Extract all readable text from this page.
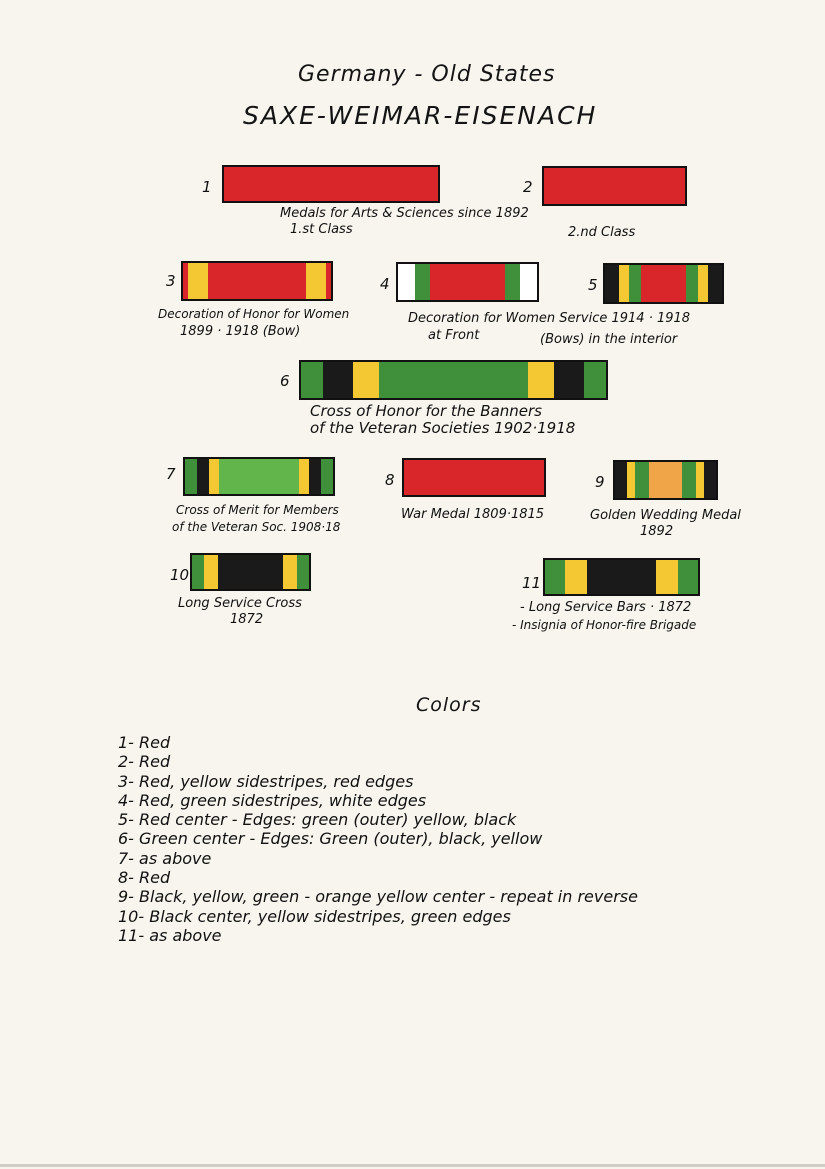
Germany - Old States
SAXE-WEIMAR-EISENACH
1	2
Medals for Arts & Sciences since 1892
1.st Class	2.nd Class
3
Decoration of Honor for Women
1899 · 1918 (Bow)
4
Decoration for Women Service 1914 · 1918
at Front	(Bows) in the interior
5
6
Cross of Honor for the Banners
of the Veteran Societies 1902·1918
7
Cross of Merit for Members
of the Veteran Soc. 1908·18
8
War Medal 1809·1815
9
Golden Wedding Medal
1892
10
Long Service Cross
1872
11
- Long Service Bars · 1872
- Insignia of Honor-fire Brigade
Colors
1- Red
2- Red
3- Red, yellow sidestripes, red edges
4- Red, green sidestripes, white edges
5- Red center - Edges: green (outer) yellow, black
6- Green center - Edges: Green (outer), black, yellow
7- as above
8- Red
9- Black, yellow, green - orange yellow center - repeat in reverse
10- Black center, yellow sidestripes, green edges
11- as above
